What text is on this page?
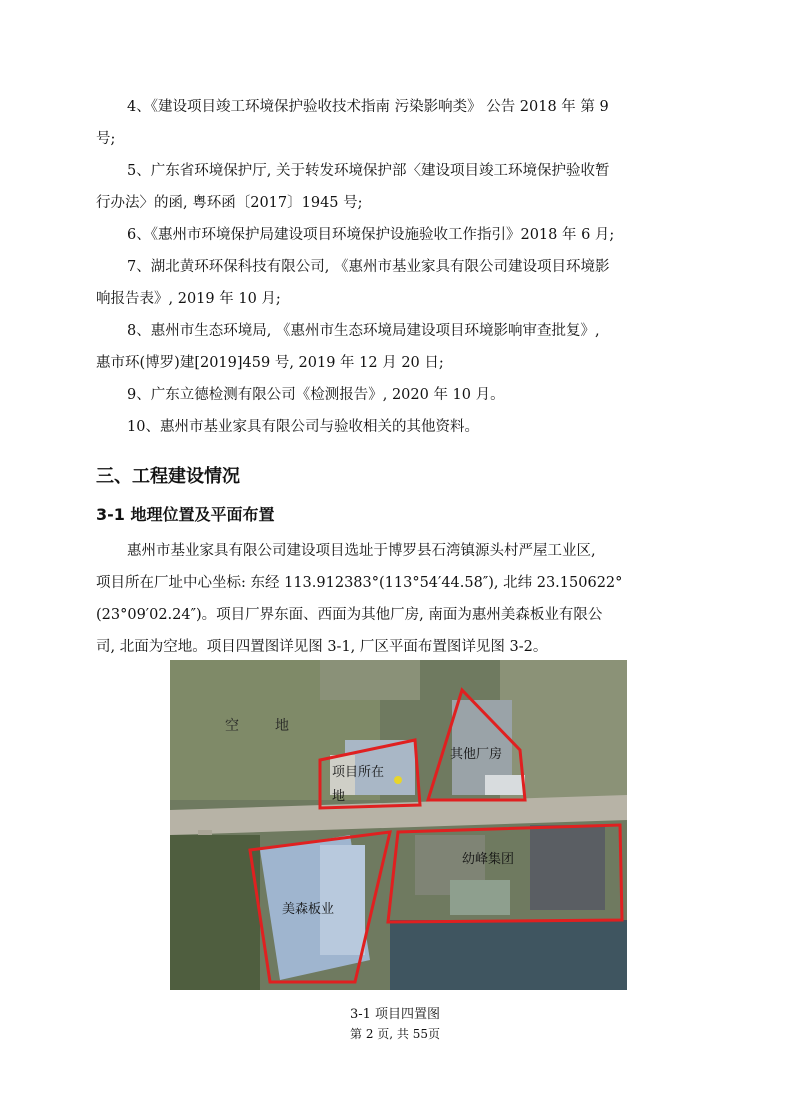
4、《建设项目竣工环境保护验收技术指南 污染影响类》 公告 2018 年 第 9
号;
5、广东省环境保护厅, 关于转发环境保护部〈建设项目竣工环境保护验收暂
行办法〉的函, 粤环函〔2017〕1945 号;
6、《惠州市环境保护局建设项目环境保护设施验收工作指引》2018 年 6 月;
7、湖北黄环环保科技有限公司, 《惠州市基业家具有限公司建设项目环境影
响报告表》, 2019 年 10 月;
8、惠州市生态环境局, 《惠州市生态环境局建设项目环境影响审查批复》,
惠市环(博罗)建[2019]459 号, 2019 年 12 月 20 日;
9、广东立德检测有限公司《检测报告》, 2020 年 10 月。
10、惠州市基业家具有限公司与验收相关的其他资料。
三、工程建设情况
3-1 地理位置及平面布置
惠州市基业家具有限公司建设项目选址于博罗县石湾镇源头村严屋工业区,
项目所在厂址中心坐标: 东经 113.912383°(113°54′44.58″), 北纬 23.150622°
(23°09′02.24″)。项目厂界东面、西面为其他厂房, 南面为惠州美森板业有限公
司, 北面为空地。项目四置图详见图 3-1, 厂区平面布置图详见图 3-2。
空	地
项目所在
地
其他厂房
幼峰集团
美森板业
3-1 项目四置图
第 2 页, 共 55页
